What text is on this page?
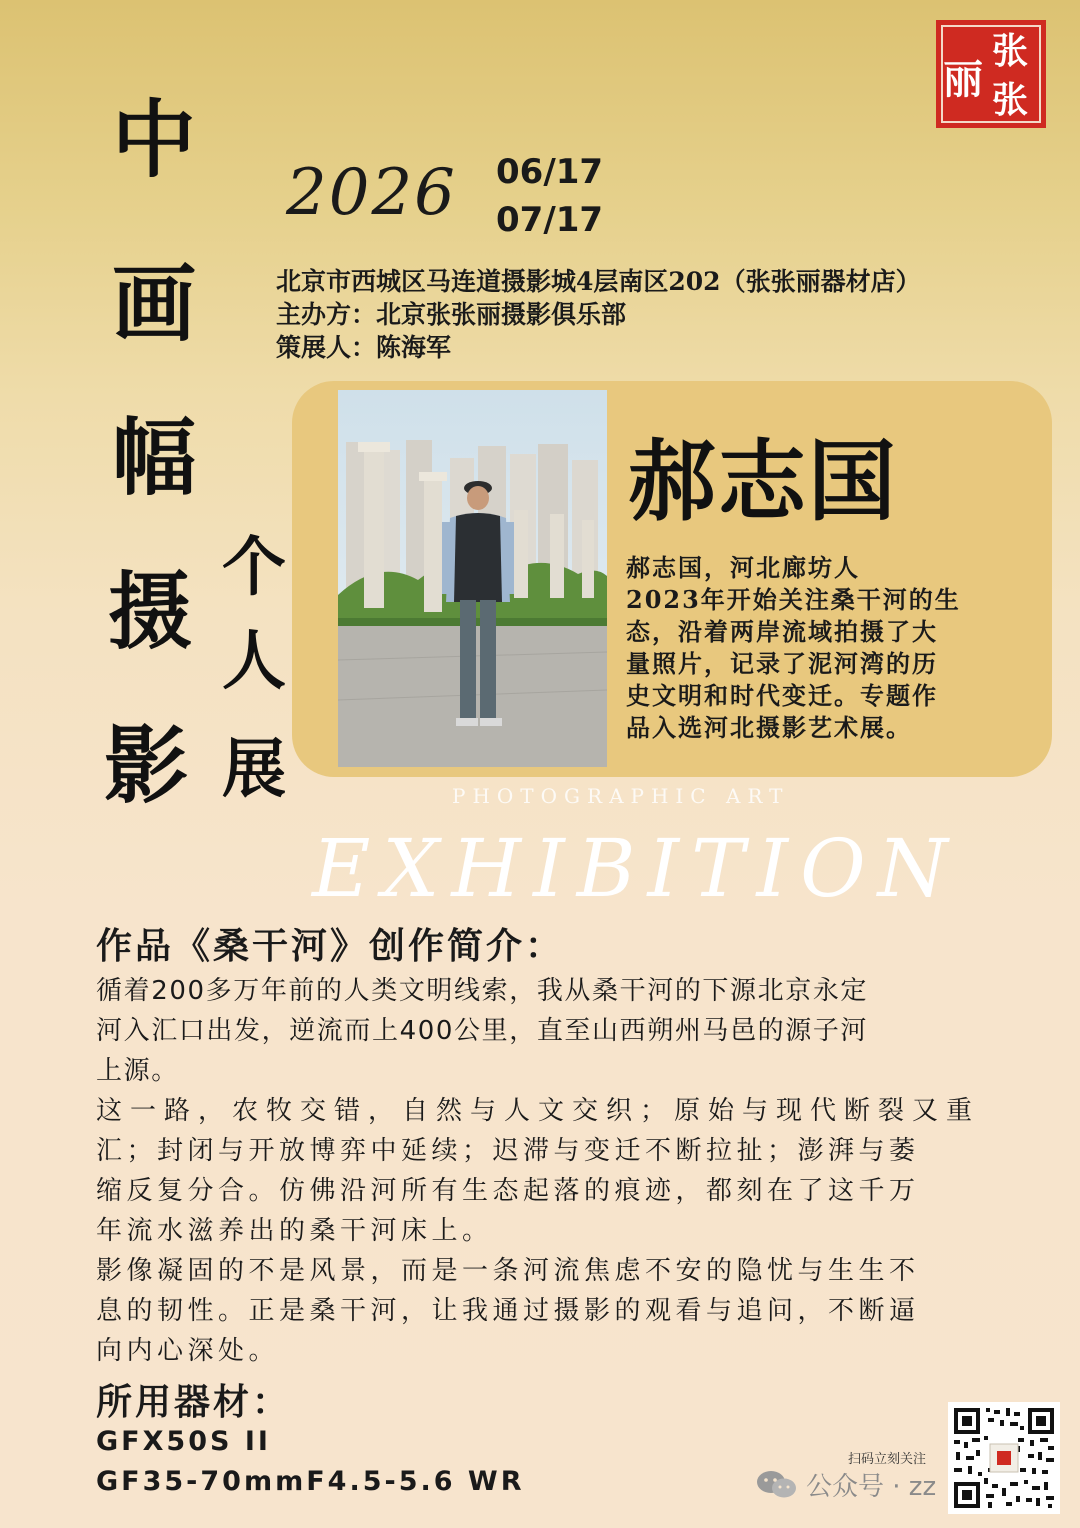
丽
张
张
中
画
幅
摄
影
个
人
展
2026 06/17
07/17
北京市西城区马连道摄影城4层南区202（张张丽器材店）
主办方：北京张张丽摄影俱乐部
策展人：陈海军
郝志国
郝志国，河北廊坊人
2023年开始关注桑干河的生
态，沿着两岸流域拍摄了大
量照片，记录了泥河湾的历
史文明和时代变迁。专题作
品入选河北摄影艺术展。
PHOTOGRAPHIC ART
EXHIBITION
作品《桑干河》创作简介：
循着200多万年前的人类文明线索，我从桑干河的下源北京永定
河入汇口出发，逆流而上400公里，直至山西朔州马邑的源子河
上源。
这一路，农牧交错，自然与人文交织；原始与现代断裂又重
汇；封闭与开放博弈中延续；迟滞与变迁不断拉扯；澎湃与萎
缩反复分合。仿佛沿河所有生态起落的痕迹，都刻在了这千万
年流水滋养出的桑干河床上。
影像凝固的不是风景，而是一条河流焦虑不安的隐忧与生生不
息的韧性。正是桑干河，让我通过摄影的观看与追问，不断逼
向内心深处。
所用器材：
GFX50S II
GF35-70mmF4.5-5.6 WR
扫码立刻关注
公众号 · zz
